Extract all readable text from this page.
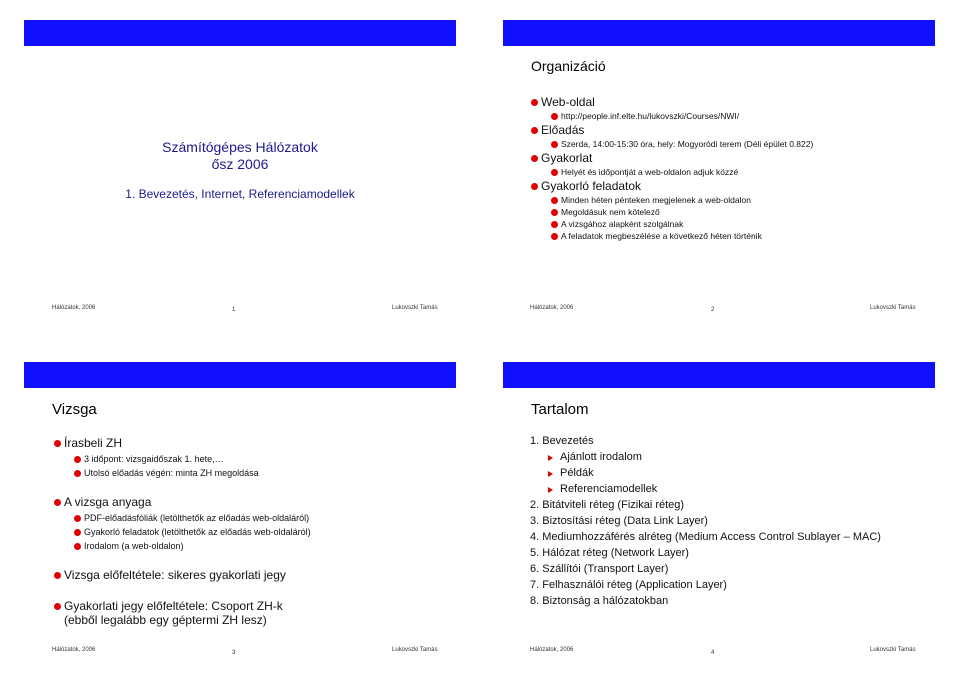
Számítógépes Hálózatok
ősz 2006
1. Bevezetés, Internet, Referenciamodellek
Hálózatok, 2006	1	Lukovszki Tamás
Organizáció
Web-oldal
http://people.inf.elte.hu/lukovszki/Courses/NWI/
Előadás
Szerda, 14:00-15:30 óra, hely: Mogyoródi terem (Déli épület 0.822)
Gyakorlat
Helyét és időpontját a web-oldalon adjuk közzé
Gyakorló feladatok
Minden héten pénteken megjelenek a web-oldalon
Megoldásuk nem kötelező
A vizsgához alapként szolgálnak
A feladatok megbeszélése a következő héten történik
Hálózatok, 2006	2	Lukovszki Tamás
Vizsga
Írasbeli ZH
3 időpont: vizsgaidőszak 1. hete,…
Utolsó előadás végén: minta ZH megoldása
A vizsga anyaga
PDF-előadásfóliák (letölthetők az előadás web-oldaláról)
Gyakorló feladatok (letölthetők az előadás web-oldaláról)
Irodalom (a web-oldalon)
Vizsga előfeltétele: sikeres gyakorlati jegy
Gyakorlati jegy előfeltétele: Csoport ZH-k
(ebből legalább egy géptermi ZH lesz)
Hálózatok, 2006	3	Lukovszki Tamás
Tartalom
1. Bevezetés
Ajánlott irodalom
Példák
Referenciamodellek
2. Bitátviteli réteg (Fizikai réteg)
3. Biztosítási réteg (Data Link Layer)
4. Mediumhozzáférés alréteg (Medium Access Control Sublayer – MAC)
5. Hálózat réteg (Network Layer)
6. Szállítói (Transport Layer)
7. Felhasználói réteg (Application Layer)
8. Biztonság a hálózatokban
Hálózatok, 2006	4	Lukovszki Tamás
